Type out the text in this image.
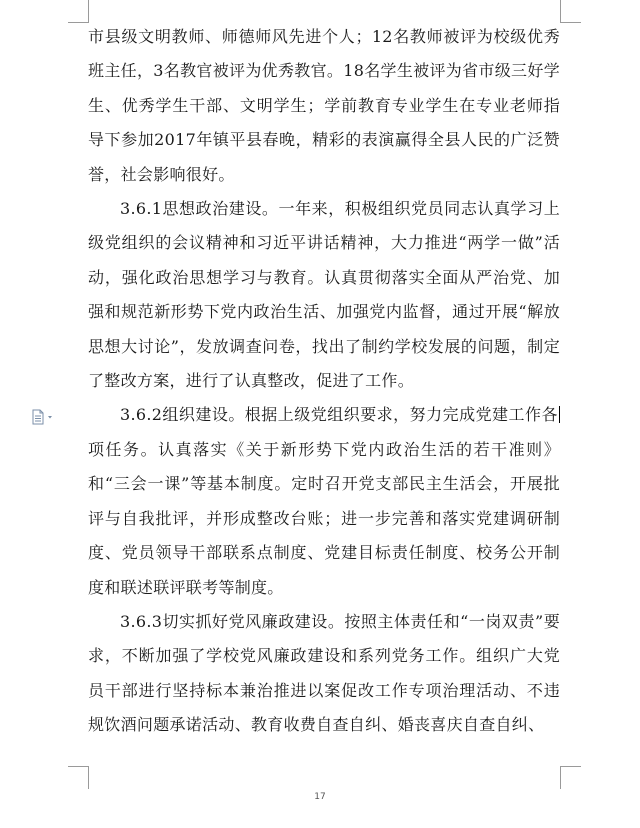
市县级文明教师、师德师风先进个人；12名教师被评为校级优秀班主任，3名教官被评为优秀教官。18名学生被评为省市级三好学生、优秀学生干部、文明学生；学前教育专业学生在专业老师指导下参加2017年镇平县春晚，精彩的表演赢得全县人民的广泛赞誉，社会影响很好。

3.6.1思想政治建设。一年来，积极组织党员同志认真学习上级党组织的会议精神和习近平讲话精神，大力推进“两学一做”活动，强化政治思想学习与教育。认真贯彻落实全面从严治党、加强和规范新形势下党内政治生活、加强党内监督，通过开展“解放思想大讨论”，发放调查问卷，找出了制约学校发展的问题，制定了整改方案，进行了认真整改，促进了工作。

3.6.2组织建设。根据上级党组织要求，努力完成党建工作各项任务。认真落实《关于新形势下党内政治生活的若干准则》和“三会一课”等基本制度。定时召开党支部民主生活会，开展批评与自我批评，并形成整改台账；进一步完善和落实党建调研制度、党员领导干部联系点制度、党建目标责任制度、校务公开制度和联述联评联考等制度。

3.6.3切实抓好党风廉政建设。按照主体责任和“一岗双责”要求，不断加强了学校党风廉政建设和系列党务工作。组织广大党员干部进行坚持标本兼治推进以案促改工作专项治理活动、不违规饮酒问题承诺活动、教育收费自查自纠、婚丧喜庆自查自纠、

17
